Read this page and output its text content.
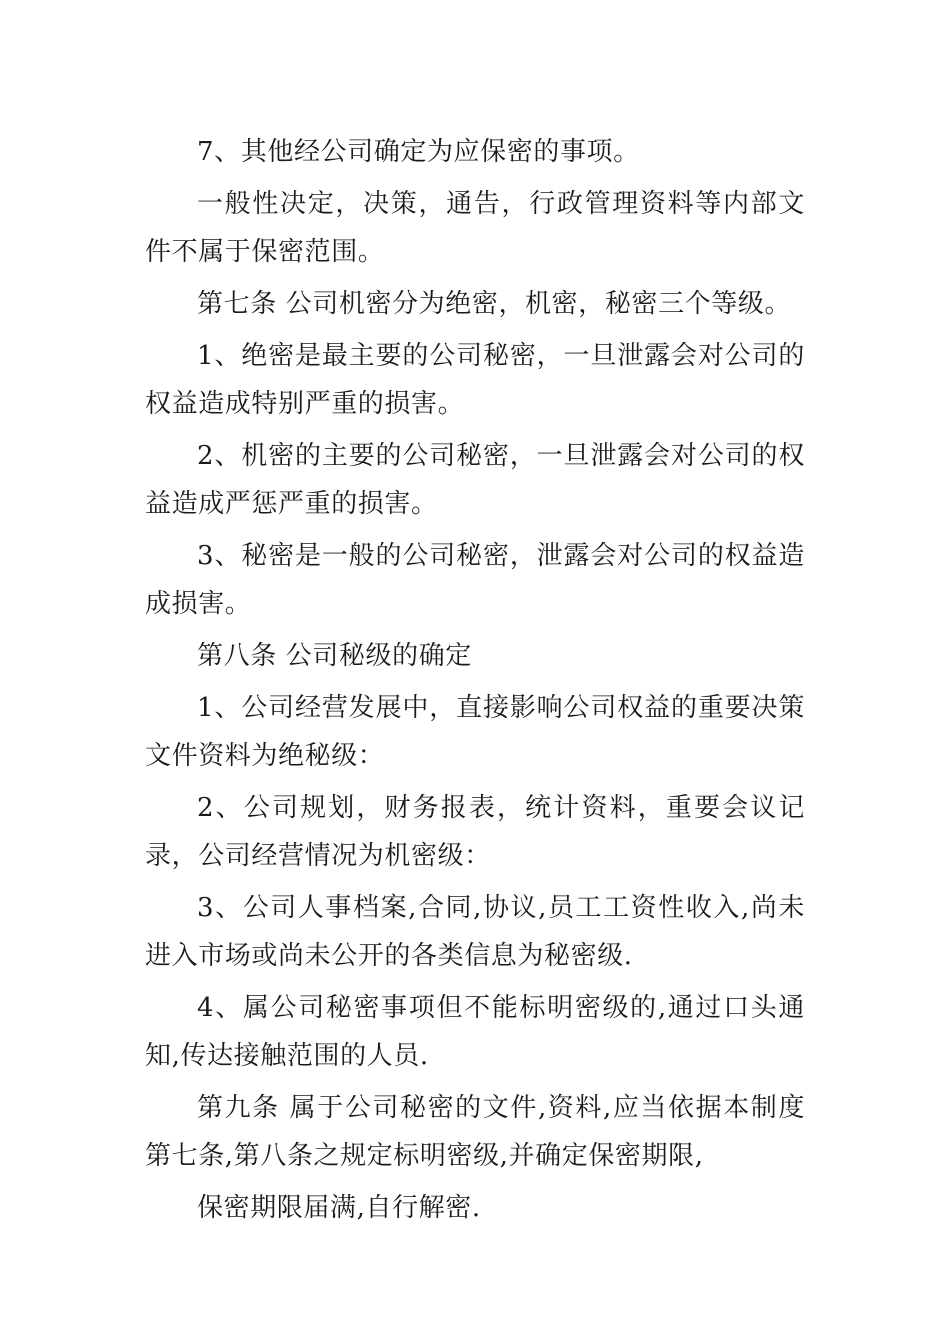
7、其他经公司确定为应保密的事项。

一般性决定，决策，通告，行政管理资料等内部文件不属于保密范围。

第七条 公司机密分为绝密，机密，秘密三个等级。

1、绝密是最主要的公司秘密，一旦泄露会对公司的权益造成特别严重的损害。

2、机密的主要的公司秘密，一旦泄露会对公司的权益造成严惩严重的损害。

3、秘密是一般的公司秘密，泄露会对公司的权益造成损害。

第八条 公司秘级的确定

1、公司经营发展中，直接影响公司权益的重要决策文件资料为绝秘级：

2、公司规划，财务报表，统计资料，重要会议记录，公司经营情况为机密级：

3、公司人事档案,合同,协议,员工工资性收入,尚未进入市场或尚未公开的各类信息为秘密级.

4、属公司秘密事项但不能标明密级的,通过口头通知,传达接触范围的人员.

第九条 属于公司秘密的文件,资料,应当依据本制度第七条,第八条之规定标明密级,并确定保密期限,

保密期限届满,自行解密.
